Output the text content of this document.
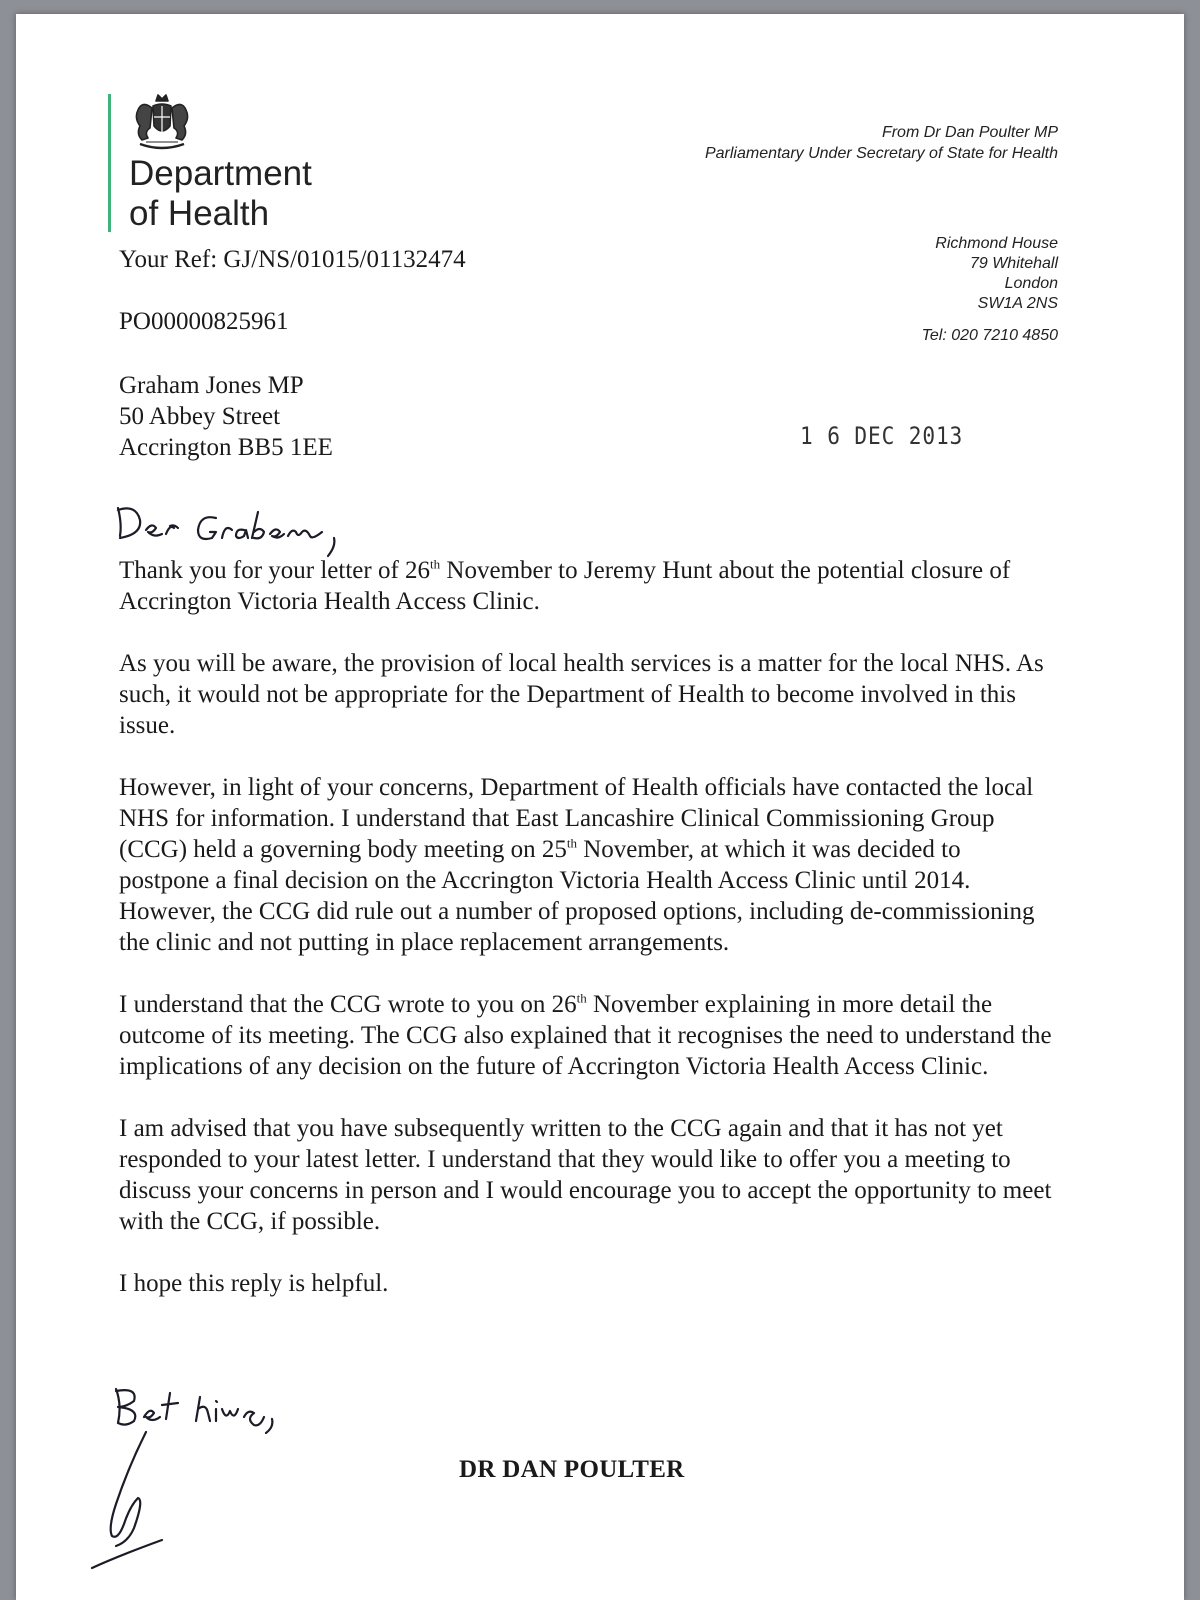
Department
of Health
From Dr Dan Poulter MP
Parliamentary Under Secretary of State for Health
Richmond House
79 Whitehall
London
SW1A 2NS
Tel: 020 7210 4850
Your Ref: GJ/NS/01015/01132474
PO00000825961
Graham Jones MP
50 Abbey Street
Accrington BB5 1EE	1 6 DEC 2013

Thank you for your letter of 26th November to Jeremy Hunt about the potential closure of Accrington Victoria Health Access Clinic.

As you will be aware, the provision of local health services is a matter for the local NHS. As such, it would not be appropriate for the Department of Health to become involved in this issue.

However, in light of your concerns, Department of Health officials have contacted the local NHS for information. I understand that East Lancashire Clinical Commissioning Group (CCG) held a governing body meeting on 25th November, at which it was decided to postpone a final decision on the Accrington Victoria Health Access Clinic until 2014. However, the CCG did rule out a number of proposed options, including de-commissioning the clinic and not putting in place replacement arrangements.

I understand that the CCG wrote to you on 26th November explaining in more detail the outcome of its meeting. The CCG also explained that it recognises the need to understand the implications of any decision on the future of Accrington Victoria Health Access Clinic.

I am advised that you have subsequently written to the CCG again and that it has not yet responded to your latest letter. I understand that they would like to offer you a meeting to discuss your concerns in person and I would encourage you to accept the opportunity to meet with the CCG, if possible.

I hope this reply is helpful.

DR DAN POULTER
